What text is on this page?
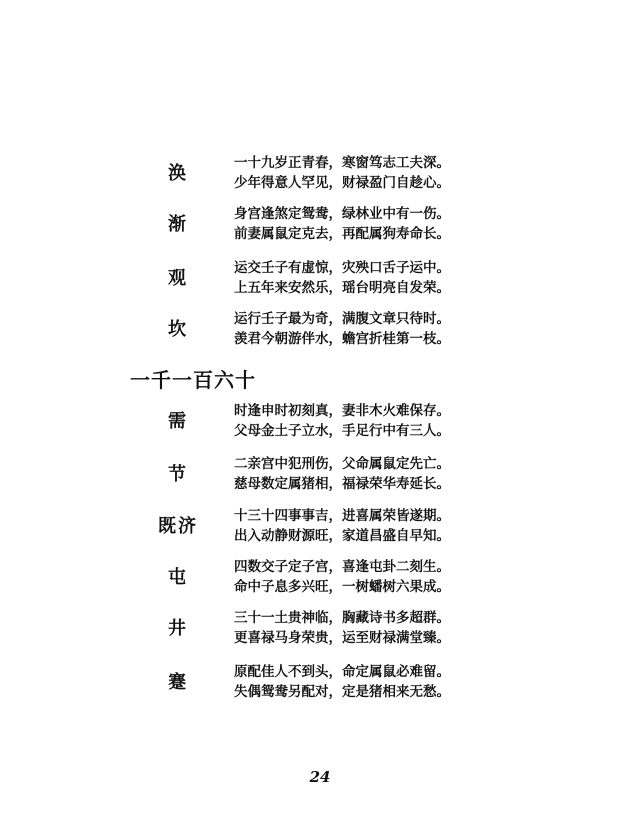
涣	一十九岁正青春，寒窗笃志工夫深。
少年得意人罕见，财禄盈门自趁心。
渐	身宫逢煞定鸳鸯，绿林业中有一伤。
前妻属鼠定克去，再配属狗寿命长。
观	运交壬子有虚惊，灾殃口舌子运中。
上五年来安然乐，瑶台明亮自发荣。
坎	运行壬子最为奇，满腹文章只待时。
羡君今朝游伴水，蟾宫折桂第一枝。
一千一百六十
需	时逢申时初刻真，妻非木火难保存。
父母金土子立水，手足行中有三人。
节	二亲宫中犯刑伤，父命属鼠定先亡。
慈母数定属猪相，福禄荣华寿延长。
既济	十三十四事事吉，进喜属荣皆遂期。
出入动静财源旺，家道昌盛自早知。
屯	四数交子定子宫，喜逢屯卦二刻生。
命中子息多兴旺，一树蟠树六果成。
井	三十一土贵神临，胸藏诗书多超群。
更喜禄马身荣贵，运至财禄满堂臻。
蹇	原配佳人不到头，命定属鼠必难留。
失偶鸳鸯另配对，定是猪相来无愁。
24
